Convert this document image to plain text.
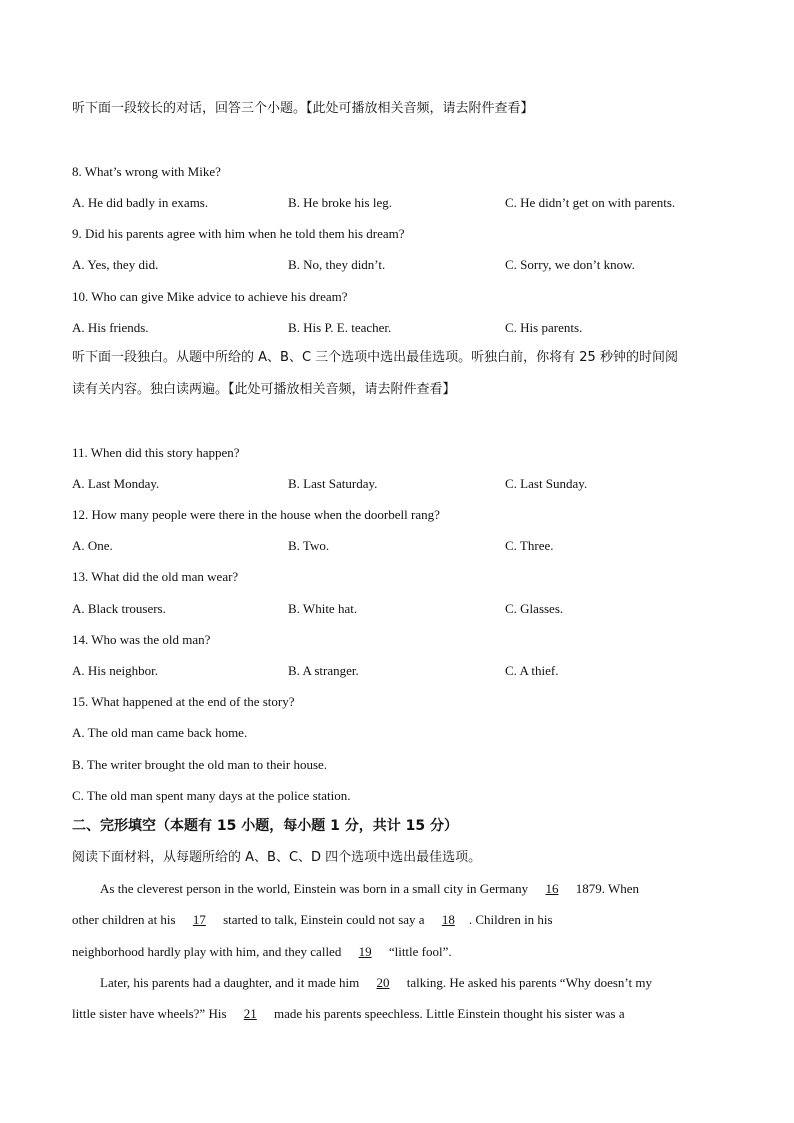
听下面一段较长的对话，回答三个小题。【此处可播放相关音频，请去附件查看】
8. What’s wrong with Mike?
A. He did badly in exams.	B. He broke his leg.	C. He didn’t get on with parents.
9. Did his parents agree with him when he told them his dream?
A. Yes, they did.	B. No, they didn’t.	C. Sorry, we don’t know.
10. Who can give Mike advice to achieve his dream?
A. His friends.	B. His P. E. teacher.	C. His parents.
听下面一段独白。从题中所给的 A、B、C 三个选项中选出最佳选项。听独白前，你将有 25 秒钟的时间阅
读有关内容。独白读两遍。【此处可播放相关音频，请去附件查看】
11. When did this story happen?
A. Last Monday.	B. Last Saturday.	C. Last Sunday.
12. How many people were there in the house when the doorbell rang?
A. One.	B. Two.	C. Three.
13. What did the old man wear?
A. Black trousers.	B. White hat.	C. Glasses.
14. Who was the old man?
A. His neighbor.	B. A stranger.	C. A thief.
15. What happened at the end of the story?
A. The old man came back home.
B. The writer brought the old man to their house.
C. The old man spent many days at the police station.
二、完形填空（本题有 15 小题，每小题 1 分，共计 15 分）
阅读下面材料，从每题所给的 A、B、C、D 四个选项中选出最佳选项。
As the cleverest person in the world, Einstein was born in a small city in Germany 16 1879. When
other children at his 17 started to talk, Einstein could not say a 18 . Children in his
neighborhood hardly play with him, and they called 19 “little fool”.
Later, his parents had a daughter, and it made him 20 talking. He asked his parents “Why doesn’t my
little sister have wheels?” His 21 made his parents speechless. Little Einstein thought his sister was a
